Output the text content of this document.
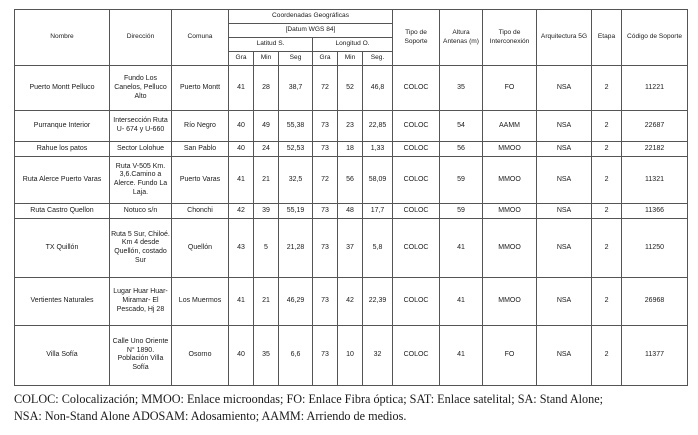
Nombre	Dirección	Comuna	Coordenadas Geográficas						Tipo de Soporte	Altura Antenas (m)	Tipo de Interconexión	Arquitectura 5G	Etapa	Código de Soporte
			[Datum WGS 84]											
			Latitud S.			Longitud O.								
			Gra	Min	Seg	Gra	Min	Seg.						
Puerto Montt Pelluco	Fundo Los Canelos, Pelluco Alto	Puerto Montt	41	28	38,7	72	52	46,8	COLOC	35	FO	NSA	2	11221
Purranque Interior	Intersección Ruta U- 674 y U-660	Río Negro	40	49	55,38	73	23	22,85	COLOC	54	AAMM	NSA	2	22687
Rahue los patos	Sector Lolohue	San Pablo	40	24	52,53	73	18	1,33	COLOC	56	MMOO	NSA	2	22182
Ruta Alerce Puerto Varas	Ruta V-505 Km. 3,6.Camino a Alerce. Fundo La Laja.	Puerto Varas	41	21	32,5	72	56	58,09	COLOC	59	MMOO	NSA	2	11321
Ruta Castro Quellon	Notuco s/n	Chonchi	42	39	55,19	73	48	17,7	COLOC	59	MMOO	NSA	2	11366
TX Quillón	Ruta 5 Sur, Chiloé. Km 4 desde Quellón, costado Sur	Quellón	43	5	21,28	73	37	5,8	COLOC	41	MMOO	NSA	2	11250
Vertientes Naturales	Lugar Huar Huar- Miramar- El Pescado, Hj 28	Los Muermos	41	21	46,29	73	42	22,39	COLOC	41	MMOO	NSA	2	26968
Villa Sofía	Calle Uno Oriente N° 1890. Población Villa Sofía	Osorno	40	35	6,6	73	10	32	COLOC	41	FO	NSA	2	11377

COLOC: Colocalización; MMOO: Enlace microondas; FO: Enlace Fibra óptica; SAT: Enlace satelital; SA: Stand Alone;

NSA: Non-Stand Alone ADOSAM: Adosamiento; AAMM: Arriendo de medios.
